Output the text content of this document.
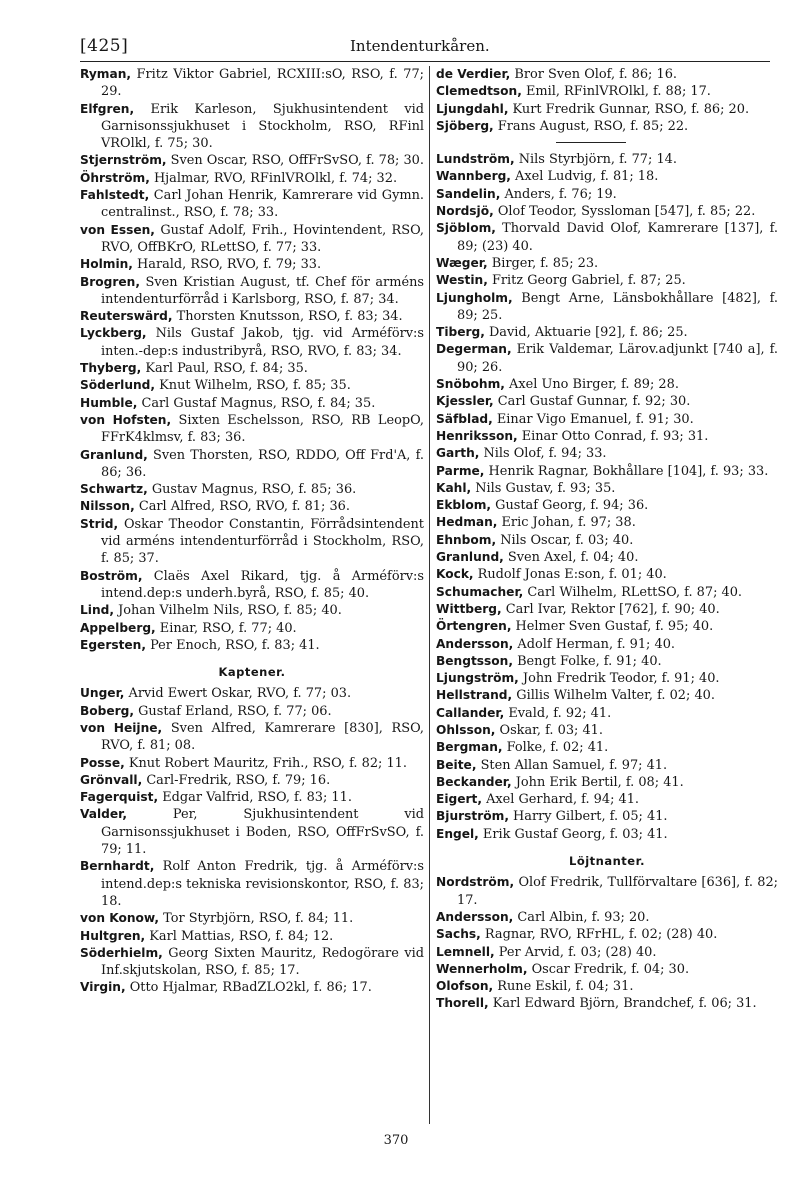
[425]	Intendenturkåren.

Ryman, Fritz Viktor Gabriel, RCXIII:sO, RSO, f. 77; 29.

Elfgren, Erik Karleson, Sjukhusintendent vid Garnisonssjukhuset i Stockholm, RSO, RFinl VROlkl, f. 75; 30.

Stjernström, Sven Oscar, RSO, OffFrSvSO, f. 78; 30.

Öhrström, Hjalmar, RVO, RFinlVROlkl, f. 74; 32.

Fahlstedt, Carl Johan Henrik, Kamrerare vid Gymn. centralinst., RSO, f. 78; 33.

von Essen, Gustaf Adolf, Frih., Hovintendent, RSO, RVO, OffBKrO, RLettSO, f. 77; 33.

Holmin, Harald, RSO, RVO, f. 79; 33.

Brogren, Sven Kristian August, tf. Chef för arméns intendenturförråd i Karlsborg, RSO, f. 87; 34.

Reuterswärd, Thorsten Knutsson, RSO, f. 83; 34.

Lyckberg, Nils Gustaf Jakob, tjg. vid Arméförv:s inten.-dep:s industribyrå, RSO, RVO, f. 83; 34.

Thyberg, Karl Paul, RSO, f. 84; 35.

Söderlund, Knut Wilhelm, RSO, f. 85; 35.

Humble, Carl Gustaf Magnus, RSO, f. 84; 35.

von Hofsten, Sixten Eschelsson, RSO, RB LeopO, FFrK4klmsv, f. 83; 36.

Granlund, Sven Thorsten, RSO, RDDO, Off Frd'A, f. 86; 36.

Schwartz, Gustav Magnus, RSO, f. 85; 36.

Nilsson, Carl Alfred, RSO, RVO, f. 81; 36.

Strid, Oskar Theodor Constantin, Förrådsintendent vid arméns intendenturförråd i Stockholm, RSO, f. 85; 37.

Boström, Claës Axel Rikard, tjg. å Arméförv:s intend.dep:s underh.byrå, RSO, f. 85; 40.

Lind, Johan Vilhelm Nils, RSO, f. 85; 40.

Appelberg, Einar, RSO, f. 77; 40.

Egersten, Per Enoch, RSO, f. 83; 41.

Kaptener.

Unger, Arvid Ewert Oskar, RVO, f. 77; 03.

Boberg, Gustaf Erland, RSO, f. 77; 06.

von Heijne, Sven Alfred, Kamrerare [830], RSO, RVO, f. 81; 08.

Posse, Knut Robert Mauritz, Frih., RSO, f. 82; 11.

Grönvall, Carl-Fredrik, RSO, f. 79; 16.

Fagerquist, Edgar Valfrid, RSO, f. 83; 11.

Valder, Per, Sjukhusintendent vid Garnisonssjukhuset i Boden, RSO, OffFrSvSO, f. 79; 11.

Bernhardt, Rolf Anton Fredrik, tjg. å Arméförv:s intend.dep:s tekniska revisionskontor, RSO, f. 83; 18.

von Konow, Tor Styrbjörn, RSO, f. 84; 11.

Hultgren, Karl Mattias, RSO, f. 84; 12.

Söderhielm, Georg Sixten Mauritz, Redogörare vid Inf.skjutskolan, RSO, f. 85; 17.

Virgin, Otto Hjalmar, RBadZLO2kl, f. 86; 17.

de Verdier, Bror Sven Olof, f. 86; 16.

Clemedtson, Emil, RFinlVROlkl, f. 88; 17.

Ljungdahl, Kurt Fredrik Gunnar, RSO, f. 86; 20.

Sjöberg, Frans August, RSO, f. 85; 22.

Lundström, Nils Styrbjörn, f. 77; 14.

Wannberg, Axel Ludvig, f. 81; 18.

Sandelin, Anders, f. 76; 19.

Nordsjö, Olof Teodor, Syssloman [547], f. 85; 22.

Sjöblom, Thorvald David Olof, Kamrerare [137], f. 89; (23) 40.

Wæger, Birger, f. 85; 23.

Westin, Fritz Georg Gabriel, f. 87; 25.

Ljungholm, Bengt Arne, Länsbokhållare [482], f. 89; 25.

Tiberg, David, Aktuarie [92], f. 86; 25.

Degerman, Erik Valdemar, Lärov.adjunkt [740 a], f. 90; 26.

Snöbohm, Axel Uno Birger, f. 89; 28.

Kjessler, Carl Gustaf Gunnar, f. 92; 30.

Säfblad, Einar Vigo Emanuel, f. 91; 30.

Henriksson, Einar Otto Conrad, f. 93; 31.

Garth, Nils Olof, f. 94; 33.

Parme, Henrik Ragnar, Bokhållare [104], f. 93; 33.

Kahl, Nils Gustav, f. 93; 35.

Ekblom, Gustaf Georg, f. 94; 36.

Hedman, Eric Johan, f. 97; 38.

Ehnbom, Nils Oscar, f. 03; 40.

Granlund, Sven Axel, f. 04; 40.

Kock, Rudolf Jonas E:son, f. 01; 40.

Schumacher, Carl Wilhelm, RLettSO, f. 87; 40.

Wittberg, Carl Ivar, Rektor [762], f. 90; 40.

Örtengren, Helmer Sven Gustaf, f. 95; 40.

Andersson, Adolf Herman, f. 91; 40.

Bengtsson, Bengt Folke, f. 91; 40.

Ljungström, John Fredrik Teodor, f. 91; 40.

Hellstrand, Gillis Wilhelm Valter, f. 02; 40.

Callander, Evald, f. 92; 41.

Ohlsson, Oskar, f. 03; 41.

Bergman, Folke, f. 02; 41.

Beite, Sten Allan Samuel, f. 97; 41.

Beckander, John Erik Bertil, f. 08; 41.

Eigert, Axel Gerhard, f. 94; 41.

Bjurström, Harry Gilbert, f. 05; 41.

Engel, Erik Gustaf Georg, f. 03; 41.

Löjtnanter.

Nordström, Olof Fredrik, Tullförvaltare [636], f. 82; 17.

Andersson, Carl Albin, f. 93; 20.

Sachs, Ragnar, RVO, RFrHL, f. 02; (28) 40.

Lemnell, Per Arvid, f. 03; (28) 40.

Wennerholm, Oscar Fredrik, f. 04; 30.

Olofson, Rune Eskil, f. 04; 31.

Thorell, Karl Edward Björn, Brandchef, f. 06; 31.

370
